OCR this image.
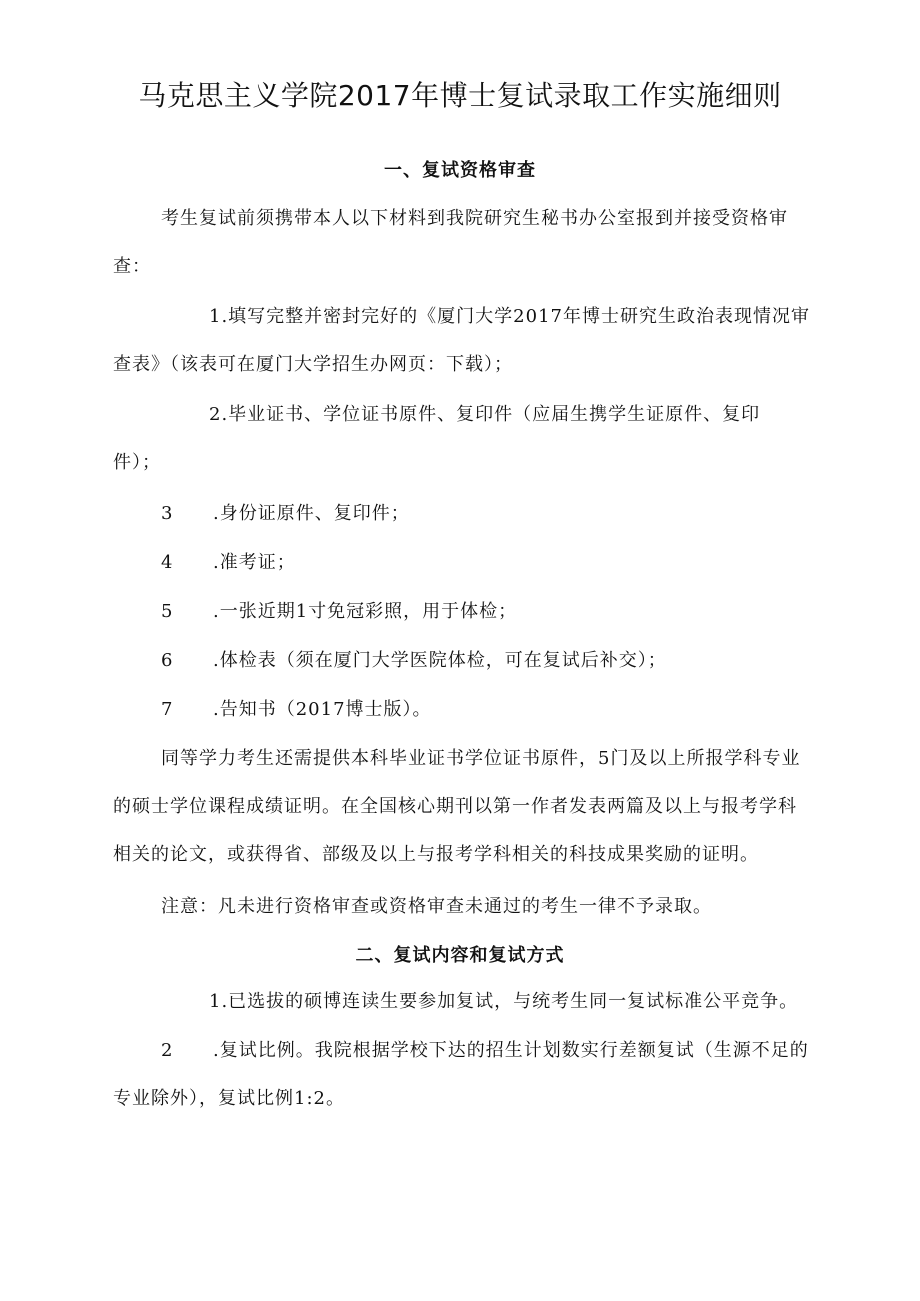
马克思主义学院2017年博士复试录取工作实施细则
一、复试资格审查

考生复试前须携带本人以下材料到我院研究生秘书办公室报到并接受资格审查：

1.填写完整并密封完好的《厦门大学2017年博士研究生政治表现情况审查表》（该表可在厦门大学招生办网页：下载）；

2.毕业证书、学位证书原件、复印件（应届生携学生证原件、复印件）；

3 .身份证原件、复印件；

4 .准考证；

5 .一张近期1寸免冠彩照，用于体检；

6 .体检表（须在厦门大学医院体检，可在复试后补交）；

7 .告知书（2017博士版）。

同等学力考生还需提供本科毕业证书学位证书原件，5门及以上所报学科专业的硕士学位课程成绩证明。在全国核心期刊以第一作者发表两篇及以上与报考学科相关的论文，或获得省、部级及以上与报考学科相关的科技成果奖励的证明。

注意：凡未进行资格审查或资格审查未通过的考生一律不予录取。

二、复试内容和复试方式

1.已选拔的硕博连读生要参加复试，与统考生同一复试标准公平竞争。

2 .复试比例。我院根据学校下达的招生计划数实行差额复试（生源不足的专业除外），复试比例1:2。
